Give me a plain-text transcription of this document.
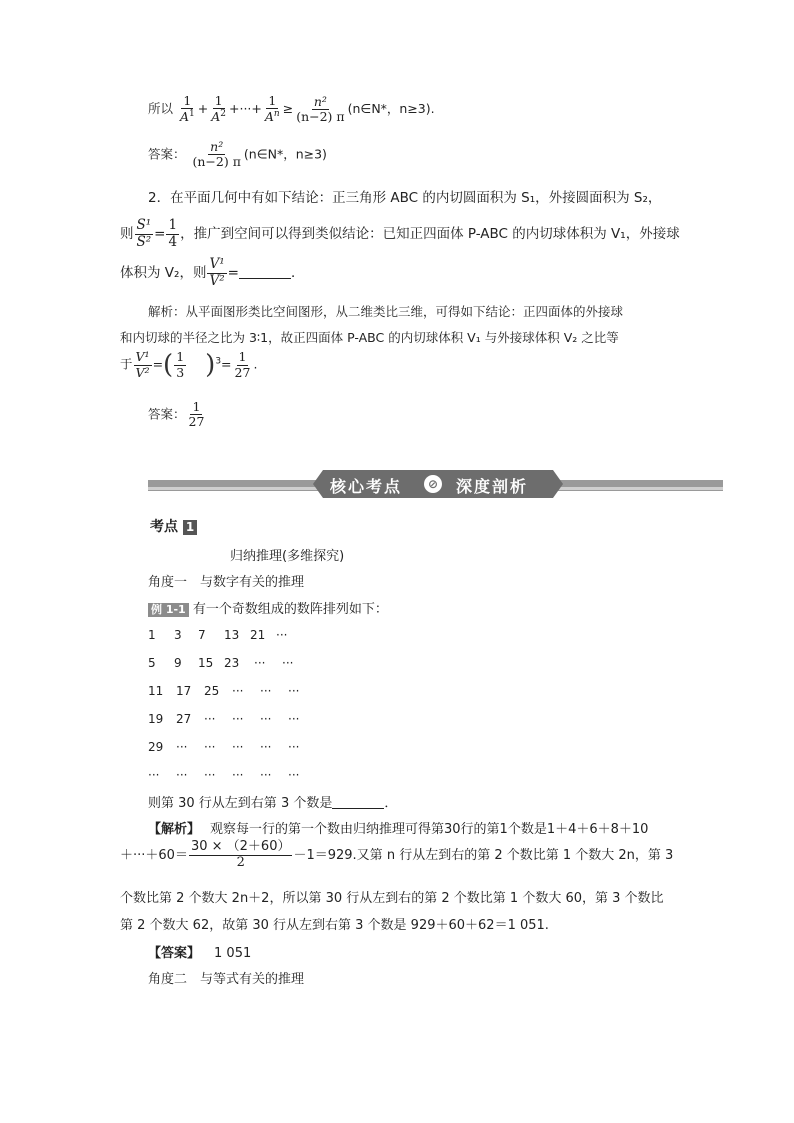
所以 $\frac{1}{A^1} + \frac{1}{A^2}$ +···+ $\frac{1}{A^n} \ge \frac{\text{n²}}{(n-2) \pi}$ (n∈N*，n≥3).
答案： $\frac{\text{n²}}{(n-2) \pi}$ (n∈N*，n≥3)
2．在平面几何中有如下结论：正三角形 ABC 的内切圆面积为 S₁，外接圆面积为 S₂，
则 $\frac{\text{S¹}}{\text{S²}} = \frac{1}{4}$ ，推广到空间可以得到类似结论：已知正四面体 P-ABC 的内切球体积为 V₁，外接球
体积为 V₂，则 $\frac{\text{V¹}}{\text{V²}}$ =	．
解析：从平面图形类比空间图形，从二维类比三维，可得如下结论：正四面体的外接球
和内切球的半径之比为 3∶1，故正四面体 P-ABC 的内切球体积 V₁ 与外接球体积 V₂ 之比等
于 $\frac{\text{V¹}}{\text{V²}}$ =( $\frac{1}{3} )^3= \frac{1}{27}$ .
答案： $\frac{1}{27}$
核心考点	⊘ 深度剖析
考点 1
归纳推理(多维探究)
角度一　与数字有关的推理
例 1-1 有一个奇数组成的数阵排列如下：
1 3 7 13 21 ···
5 9 15 23 ··· ···
11 17 25 ··· ··· ···
19 27 ··· ··· ··· ···
29 ··· ··· ··· ··· ···
··· ··· ··· ··· ··· ···
则第 30 行从左到右第 3 个数是	．
【解析】 观察每一行的第一个数由归纳推理可得第30行的第1个数是1＋4＋6＋8＋10
$+\cdot\cdot\cdot+60= \frac{30 \times (2+60)}{2} -1=929$.又第 n 行从左到右的第 2 个数比第 1 个数大 2n，第 3
个数比第 2 个数大 2n＋2，所以第 30 行从左到右的第 2 个数比第 1 个数大 60，第 3 个数比
第 2 个数大 62，故第 30 行从左到右第 3 个数是 929＋60＋62＝1 051.
【答案】 1 051
角度二　与等式有关的推理
